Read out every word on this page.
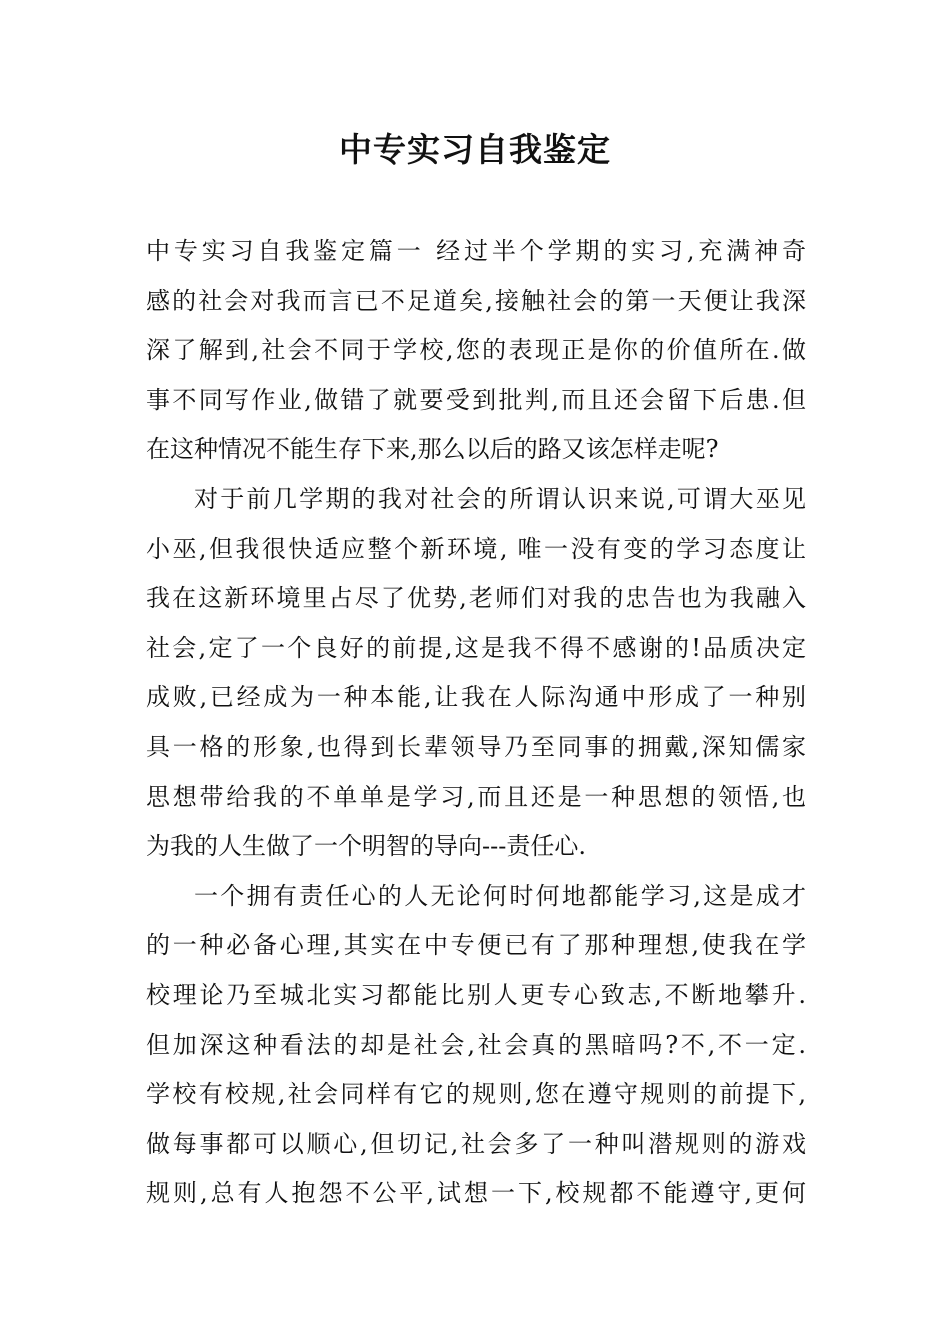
中专实习自我鉴定
中专实习自我鉴定篇一 经过半个学期的实习,充满神奇
感的社会对我而言已不足道矣,接触社会的第一天便让我深
深了解到,社会不同于学校,您的表现正是你的价值所在.做
事不同写作业,做错了就要受到批判,而且还会留下后患.但
在这种情况不能生存下来,那么以后的路又该怎样走呢?
对于前几学期的我对社会的所谓认识来说,可谓大巫见
小巫,但我很快适应整个新环境, 唯一没有变的学习态度让
我在这新环境里占尽了优势,老师们对我的忠告也为我融入
社会,定了一个良好的前提,这是我不得不感谢的!品质决定
成败,已经成为一种本能,让我在人际沟通中形成了一种别
具一格的形象,也得到长辈领导乃至同事的拥戴,深知儒家
思想带给我的不单单是学习,而且还是一种思想的领悟,也
为我的人生做了一个明智的导向---责任心.
一个拥有责任心的人无论何时何地都能学习,这是成才
的一种必备心理,其实在中专便已有了那种理想,使我在学
校理论乃至城北实习都能比别人更专心致志,不断地攀升.
但加深这种看法的却是社会,社会真的黑暗吗?不,不一定.
学校有校规,社会同样有它的规则,您在遵守规则的前提下,
做每事都可以顺心,但切记,社会多了一种叫潜规则的游戏
规则,总有人抱怨不公平,试想一下,校规都不能遵守,更何
